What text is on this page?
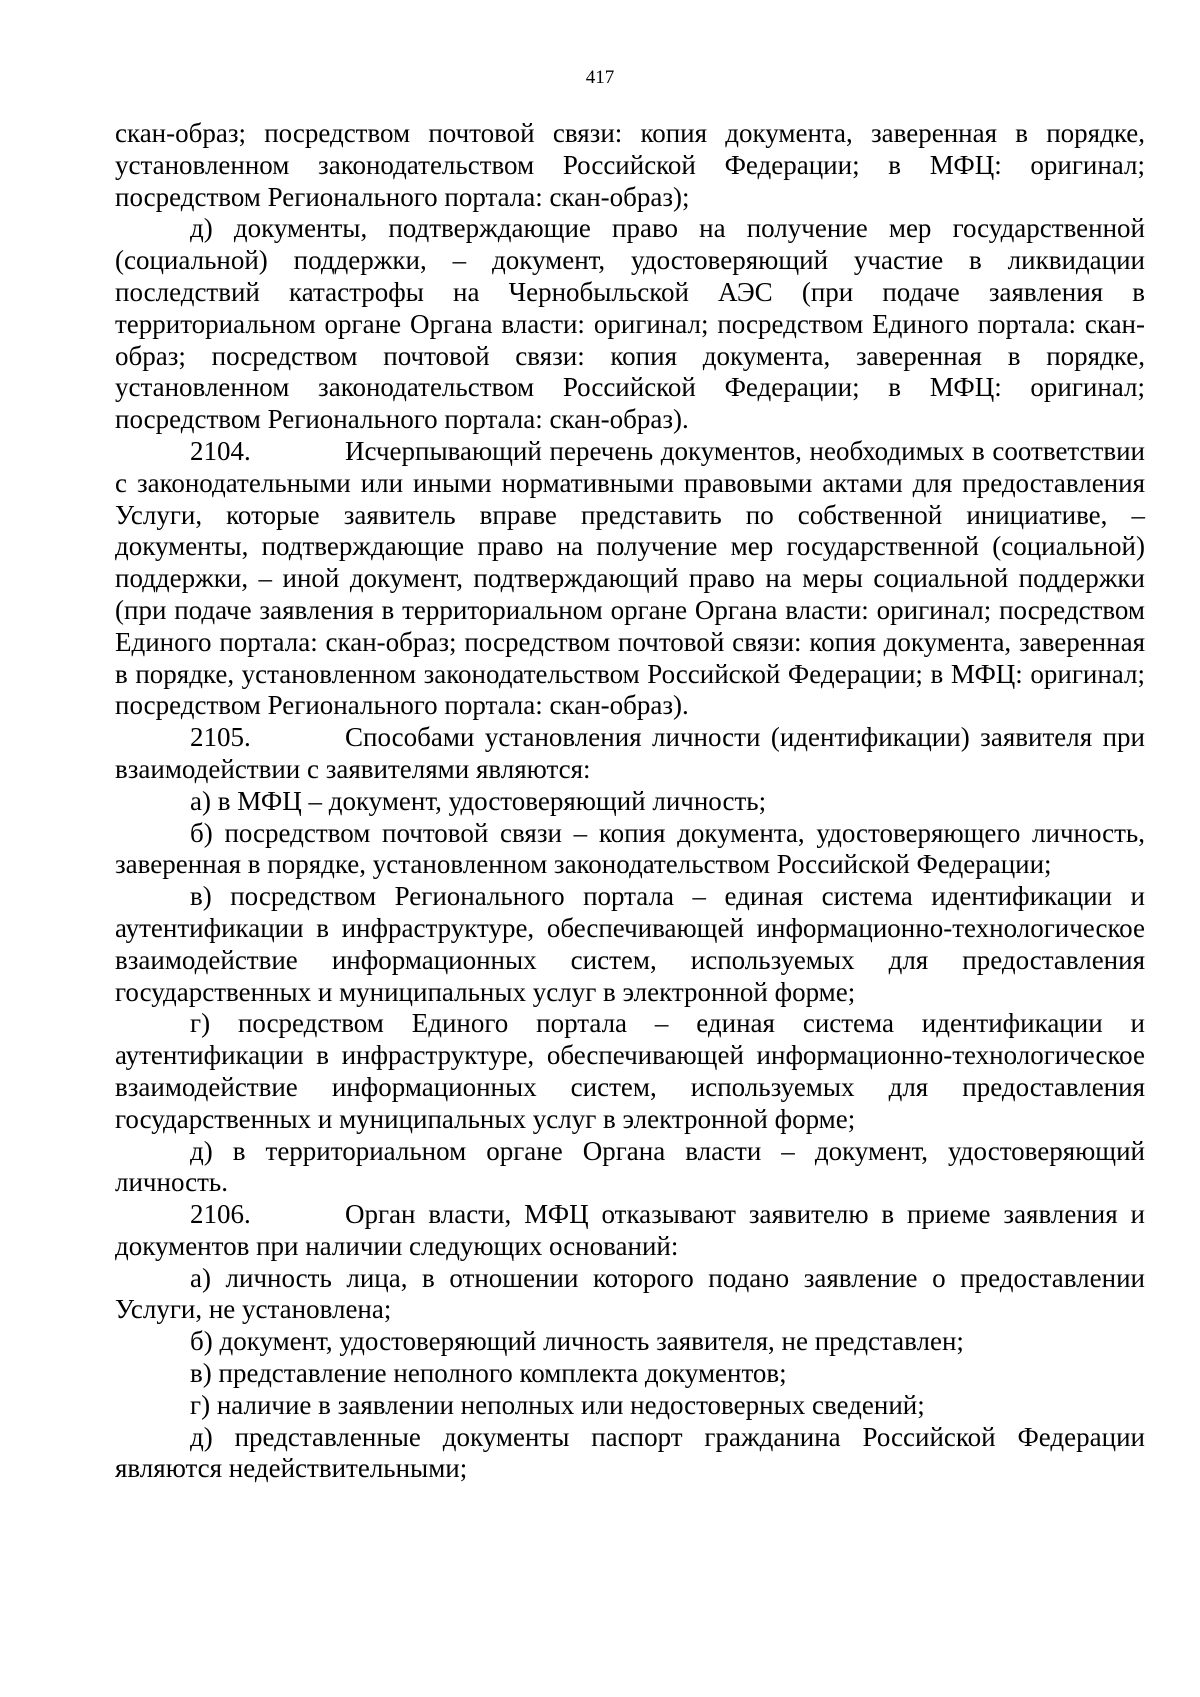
417

скан-образ; посредством почтовой связи: копия документа, заверенная в порядке, установленном законодательством Российской Федерации; в МФЦ: оригинал; посредством Регионального портала: скан-образ);

д) документы, подтверждающие право на получение мер государственной (социальной) поддержки, – документ, удостоверяющий участие в ликвидации последствий катастрофы на Чернобыльской АЭС (при подаче заявления в территориальном органе Органа власти: оригинал; посредством Единого портала: скан-образ; посредством почтовой связи: копия документа, заверенная в порядке, установленном законодательством Российской Федерации; в МФЦ: оригинал; посредством Регионального портала: скан-образ).

2104.	Исчерпывающий перечень документов, необходимых в соответствии с законодательными или иными нормативными правовыми актами для предоставления Услуги, которые заявитель вправе представить по собственной инициативе, – документы, подтверждающие право на получение мер государственной (социальной) поддержки, – иной документ, подтверждающий право на меры социальной поддержки (при подаче заявления в территориальном органе Органа власти: оригинал; посредством Единого портала: скан-образ; посредством почтовой связи: копия документа, заверенная в порядке, установленном законодательством Российской Федерации; в МФЦ: оригинал; посредством Регионального портала: скан-образ).

2105.	Способами установления личности (идентификации) заявителя при взаимодействии с заявителями являются:

а) в МФЦ – документ, удостоверяющий личность;

б) посредством почтовой связи – копия документа, удостоверяющего личность, заверенная в порядке, установленном законодательством Российской Федерации;

в) посредством Регионального портала – единая система идентификации и аутентификации в инфраструктуре, обеспечивающей информационно-технологическое взаимодействие информационных систем, используемых для предоставления государственных и муниципальных услуг в электронной форме;

г) посредством Единого портала – единая система идентификации и аутентификации в инфраструктуре, обеспечивающей информационно-технологическое взаимодействие информационных систем, используемых для предоставления государственных и муниципальных услуг в электронной форме;

д) в территориальном органе Органа власти – документ, удостоверяющий личность.

2106.	Орган власти, МФЦ отказывают заявителю в приеме заявления и документов при наличии следующих оснований:

а) личность лица, в отношении которого подано заявление о предоставлении Услуги, не установлена;

б) документ, удостоверяющий личность заявителя, не представлен;

в) представление неполного комплекта документов;

г) наличие в заявлении неполных или недостоверных сведений;

д) представленные документы паспорт гражданина Российской Федерации являются недействительными;
